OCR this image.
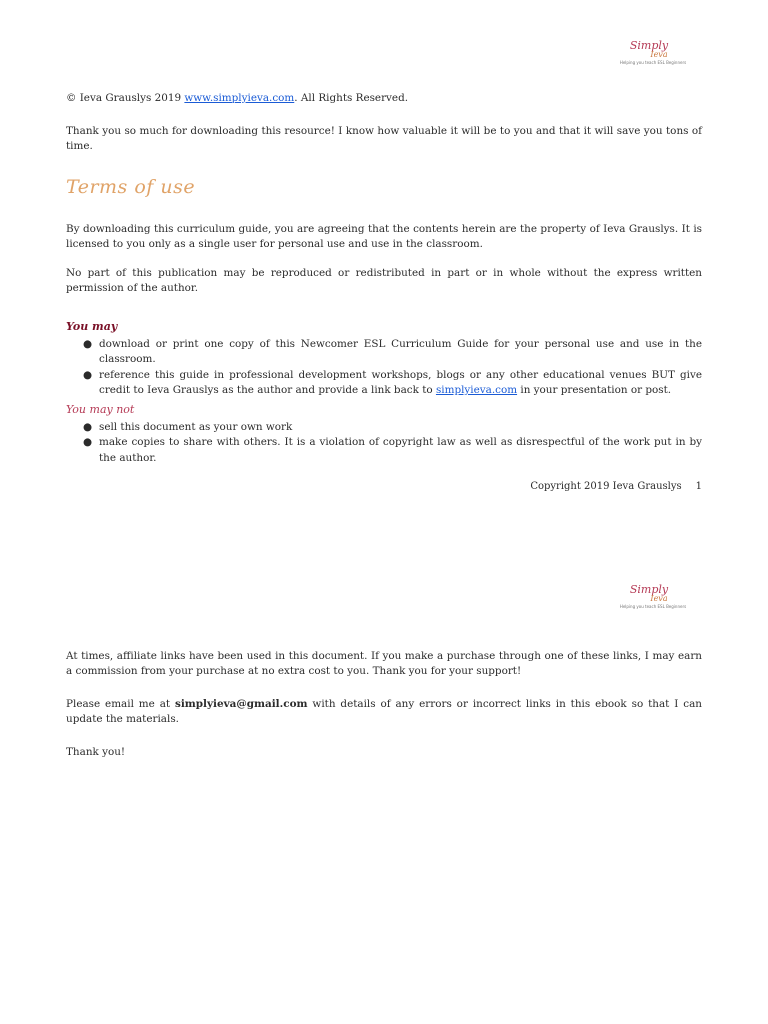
Simply
Ieva
Helping you teach ESL Beginners

© Ieva Grauslys 2019 www.simplyieva.com. All Rights Reserved.

Thank you so much for downloading this resource! I know how valuable it will be to you and that it will save you tons of time.

Terms of use

By downloading this curriculum guide, you are agreeing that the contents herein are the property of Ieva Grauslys. It is licensed to you only as a single user for personal use and use in the classroom.

No part of this publication may be reproduced or redistributed in part or in whole without the express written permission of the author.

You may

● download or print one copy of this Newcomer ESL Curriculum Guide for your personal use and use in the classroom.
● reference this guide in professional development workshops, blogs or any other educational venues BUT give credit to Ieva Grauslys as the author and provide a link back to simplyieva.com in your presentation or post.

You may not

● sell this document as your own work
● make copies to share with others. It is a violation of copyright law as well as disrespectful of the work put in by the author.
Copyright 2019 Ieva Grauslys 1
Simply
Ieva
Helping you teach ESL Beginners

At times, affiliate links have been used in this document. If you make a purchase through one of these links, I may earn a commission from your purchase at no extra cost to you. Thank you for your support!

Please email me at simplyieva@gmail.com with details of any errors or incorrect links in this ebook so that I can update the materials.

Thank you!
